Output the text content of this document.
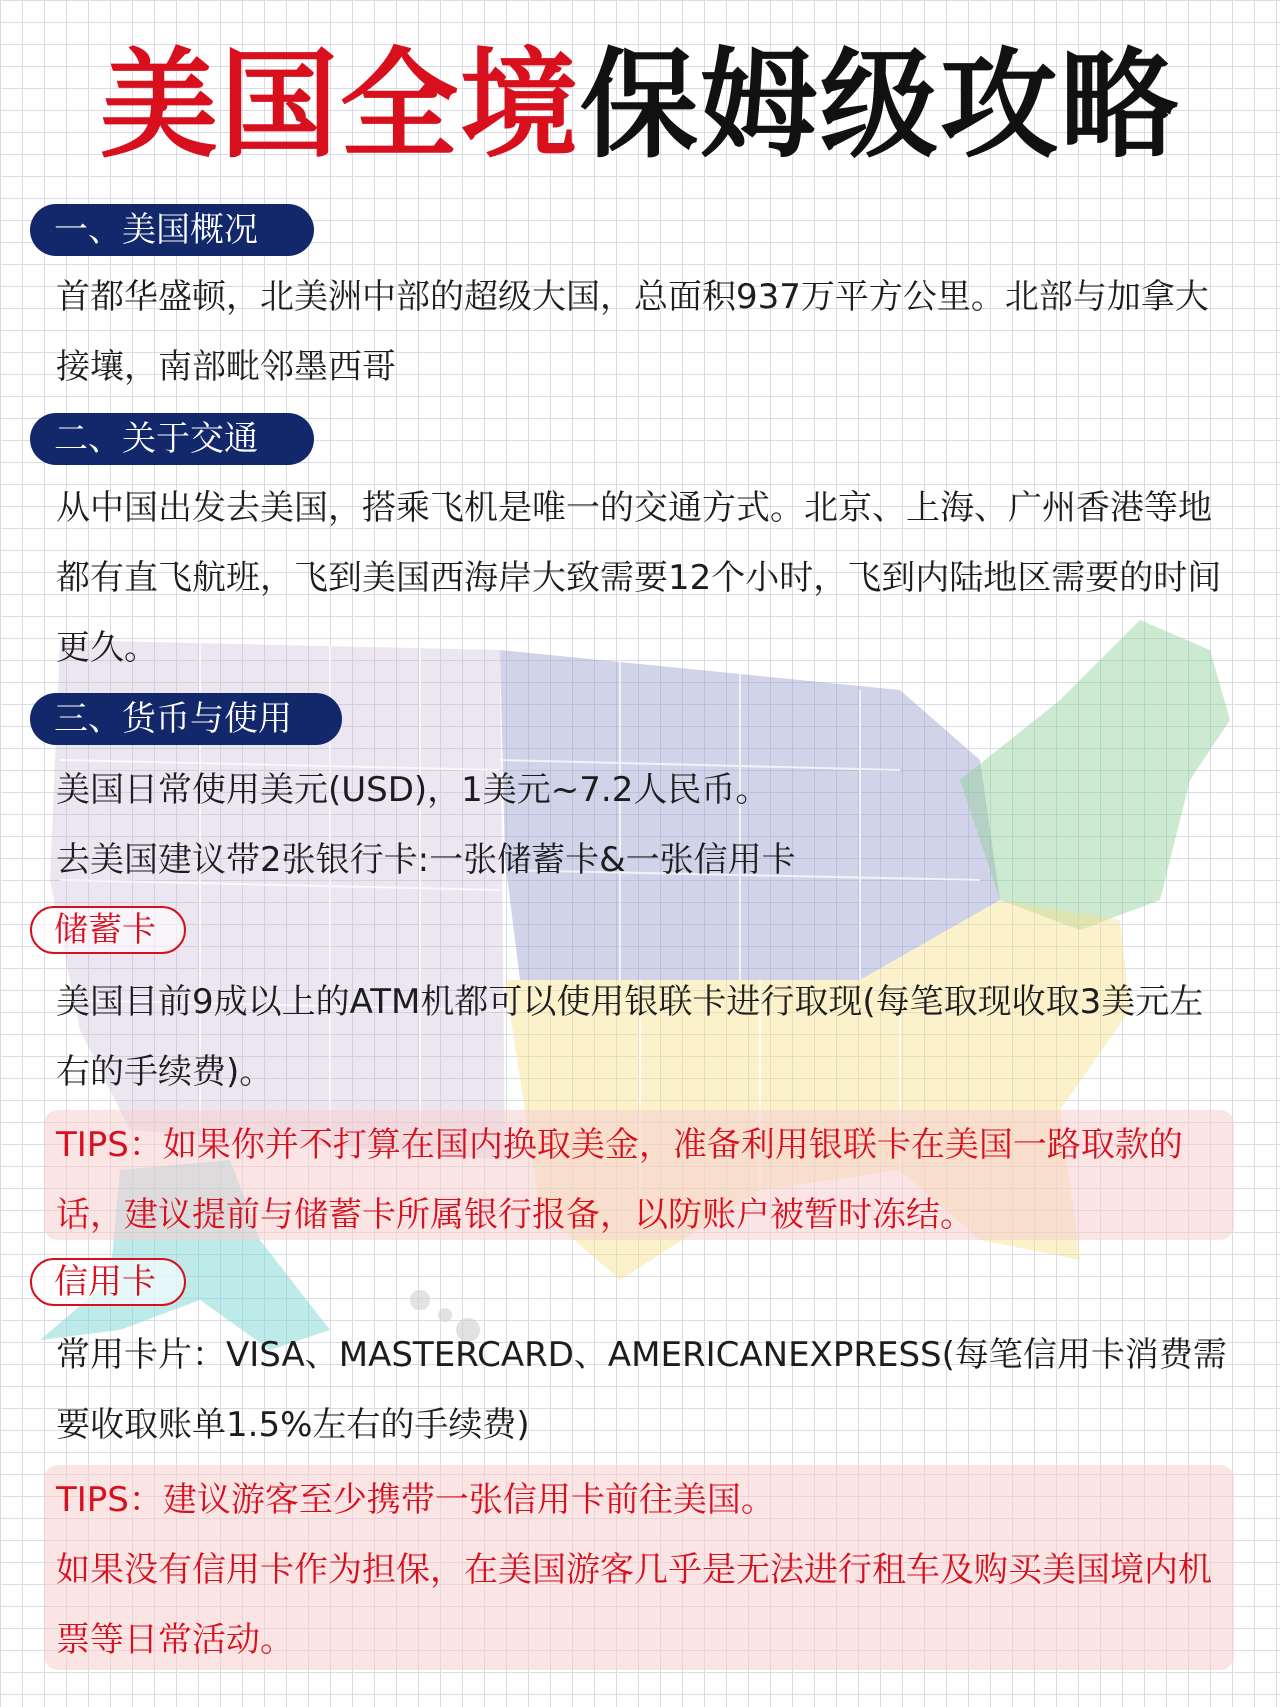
美国全境保姆级攻略
一、美国概况
首都华盛顿，北美洲中部的超级大国，总面积937万平方公里。北部与加拿大接壤，南部毗邻墨西哥
二、关于交通
从中国出发去美国，搭乘飞机是唯一的交通方式。北京、上海、广州香港等地都有直飞航班，飞到美国西海岸大致需要12个小时，飞到内陆地区需要的时间更久。
三、货币与使用
美国日常使用美元(USD)，1美元~7.2人民币。
去美国建议带2张银行卡:一张储蓄卡&一张信用卡
储蓄卡
美国目前9成以上的ATM机都可以使用银联卡进行取现(每笔取现收取3美元左右的手续费)。

TIPS：如果你并不打算在国内换取美金，准备利用银联卡在美国一路取款的话，建议提前与储蓄卡所属银行报备，以防账户被暂时冻结。

信用卡
常用卡片：VISA、MASTERCARD、AMERICANEXPRESS(每笔信用卡消费需要收取账单1.5%左右的手续费)

TIPS：建议游客至少携带一张信用卡前往美国。

如果没有信用卡作为担保，在美国游客几乎是无法进行租车及购买美国境内机票等日常活动。
